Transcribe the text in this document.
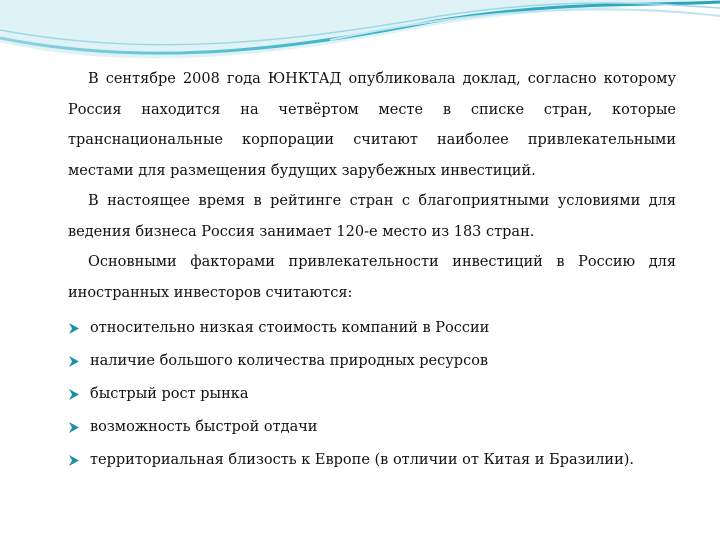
В сентябре 2008 года ЮНКТАД опубликовала доклад, согласно которому Россия находится на четвёртом месте в списке стран, которые транснациональные корпорации считают наиболее привлекательными местами для размещения будущих зарубежных инвестиций.

В настоящее время в рейтинге стран с благоприятными условиями для ведения бизнеса Россия занимает 120-е место из 183 стран.

Основными факторами привлекательности инвестиций в Россию для иностранных инвесторов считаются:

относительно низкая стоимость компаний в России
наличие большого количества природных ресурсов
быстрый рост рынка
возможность быстрой отдачи
территориальная близость к Европе (в отличии от Китая и Бразилии).
